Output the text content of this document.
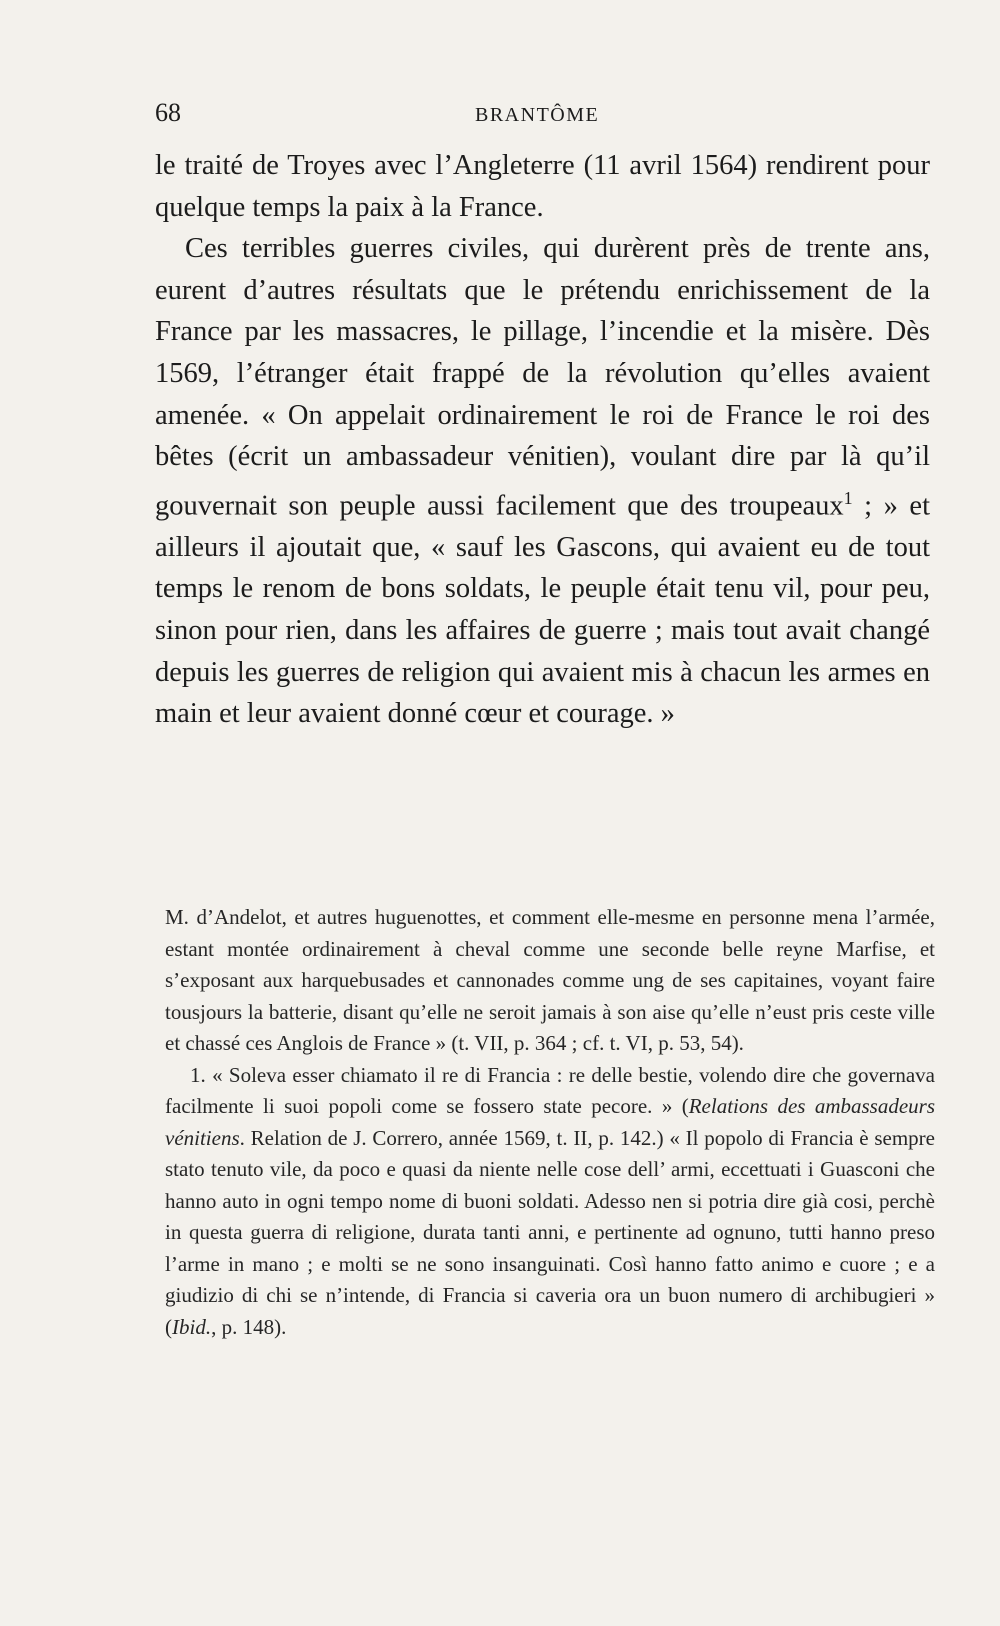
68	BRANTÔME

le traité de Troyes avec l’Angleterre (11 avril 1564) rendirent pour quelque temps la paix à la France.

Ces terribles guerres civiles, qui durèrent près de trente ans, eurent d’autres résultats que le prétendu enrichissement de la France par les massacres, le pillage, l’incendie et la misère. Dès 1569, l’étranger était frappé de la révolution qu’elles avaient amenée. « On appelait ordinairement le roi de France le roi des bêtes (écrit un ambassadeur vénitien), voulant dire par là qu’il gouvernait son peuple aussi facilement que des troupeaux$^1$ ; » et ailleurs il ajoutait que, « sauf les Gascons, qui avaient eu de tout temps le renom de bons soldats, le peuple était tenu vil, pour peu, sinon pour rien, dans les affaires de guerre ; mais tout avait changé depuis les guerres de religion qui avaient mis à chacun les armes en main et leur avaient donné cœur et courage. »

M. d’Andelot, et autres huguenottes, et comment elle-mesme en personne mena l’armée, estant montée ordinairement à cheval comme une seconde belle reyne Marfise, et s’exposant aux harquebusades et cannonades comme ung de ses capitaines, voyant faire tousjours la batterie, disant qu’elle ne seroit jamais à son aise qu’elle n’eust pris ceste ville et chassé ces Anglois de France » (t. VII, p. 364 ; cf. t. VI, p. 53, 54).

1. « Soleva esser chiamato il re di Francia : re delle bestie, volendo dire che governava facilmente li suoi popoli come se fossero state pecore. » (Relations des ambassadeurs vénitiens. Relation de J. Correro, année 1569, t. II, p. 142.) « Il popolo di Francia è sempre stato tenuto vile, da poco e quasi da niente nelle cose dell’ armi, eccettuati i Guasconi che hanno auto in ogni tempo nome di buoni soldati. Adesso nen si potria dire già cosi, perchè in questa guerra di religione, durata tanti anni, e pertinente ad ognuno, tutti hanno preso l’arme in mano ; e molti se ne sono insanguinati. Così hanno fatto animo e cuore ; e a giudizio di chi se n’intende, di Francia si caveria ora un buon numero di archibugieri » (Ibid., p. 148).
